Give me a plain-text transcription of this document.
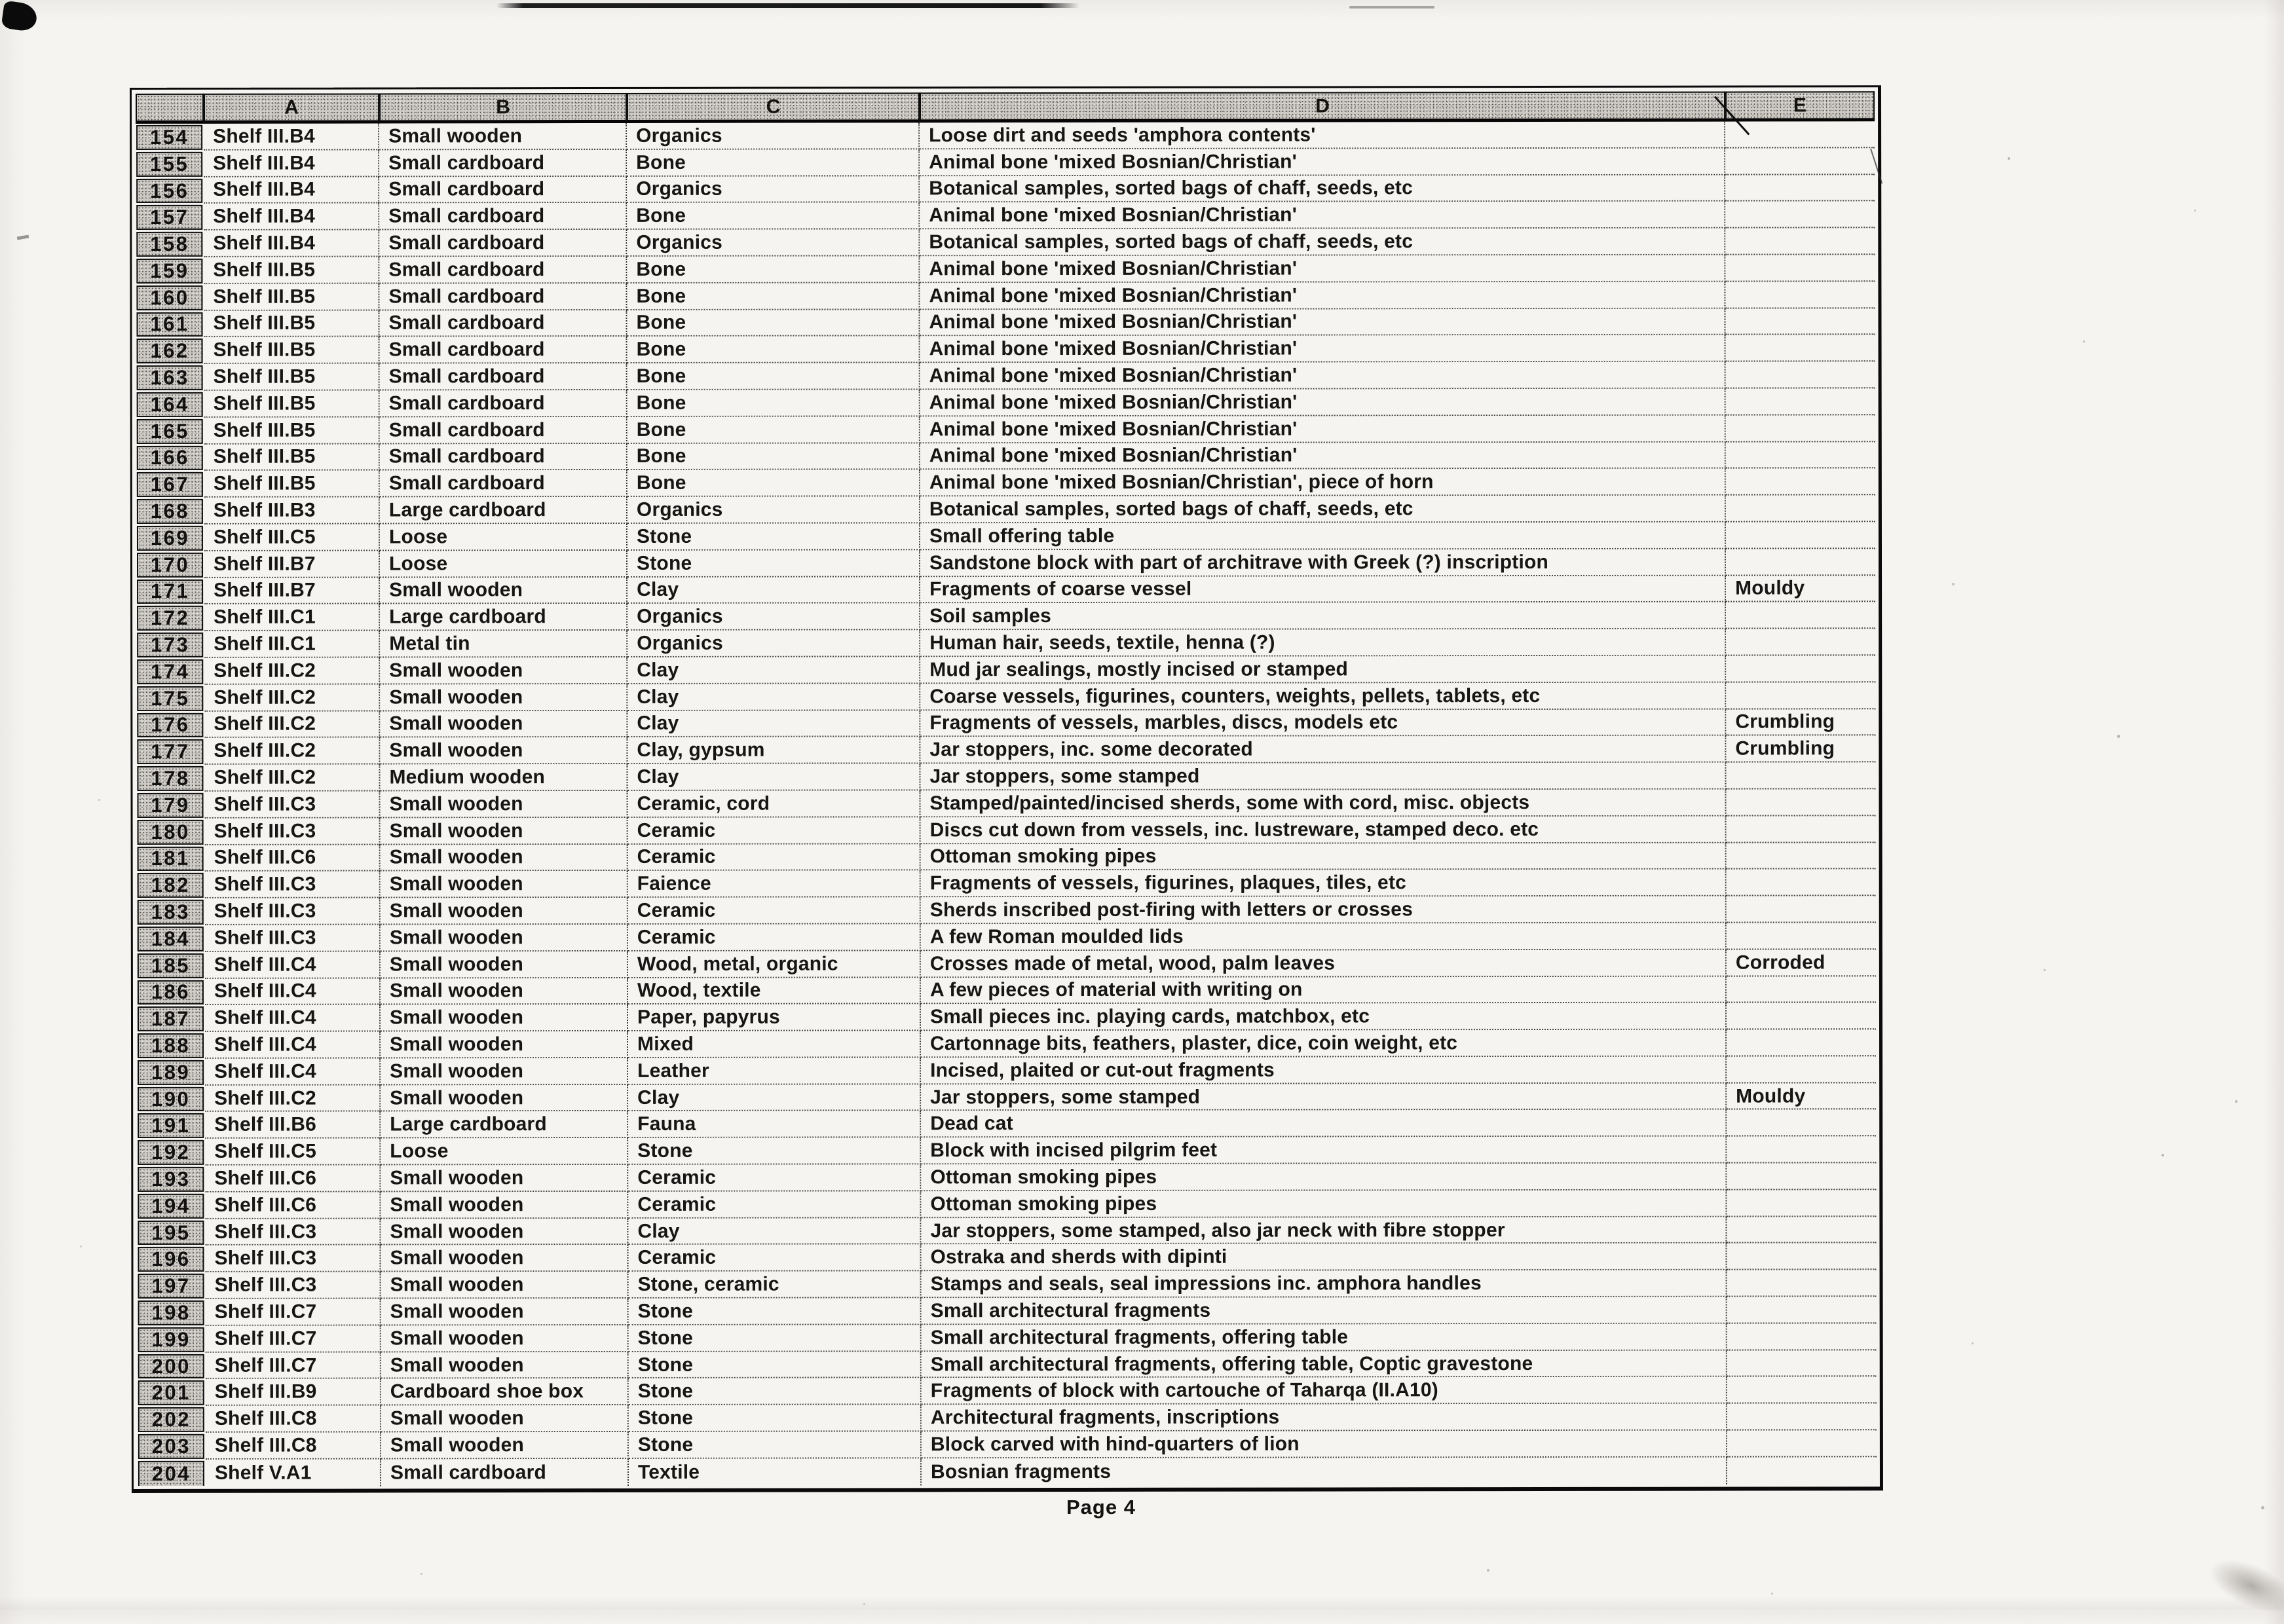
A	B	C	D	E
154	Shelf III.B4	Small wooden	Organics	Loose dirt and seeds 'amphora contents'
155	Shelf III.B4	Small cardboard	Bone	Animal bone 'mixed Bosnian/Christian'
156	Shelf III.B4	Small cardboard	Organics	Botanical samples, sorted bags of chaff, seeds, etc
157	Shelf III.B4	Small cardboard	Bone	Animal bone 'mixed Bosnian/Christian'
158	Shelf III.B4	Small cardboard	Organics	Botanical samples, sorted bags of chaff, seeds, etc
159	Shelf III.B5	Small cardboard	Bone	Animal bone 'mixed Bosnian/Christian'
160	Shelf III.B5	Small cardboard	Bone	Animal bone 'mixed Bosnian/Christian'
161	Shelf III.B5	Small cardboard	Bone	Animal bone 'mixed Bosnian/Christian'
162	Shelf III.B5	Small cardboard	Bone	Animal bone 'mixed Bosnian/Christian'
163	Shelf III.B5	Small cardboard	Bone	Animal bone 'mixed Bosnian/Christian'
164	Shelf III.B5	Small cardboard	Bone	Animal bone 'mixed Bosnian/Christian'
165	Shelf III.B5	Small cardboard	Bone	Animal bone 'mixed Bosnian/Christian'
166	Shelf III.B5	Small cardboard	Bone	Animal bone 'mixed Bosnian/Christian'
167	Shelf III.B5	Small cardboard	Bone	Animal bone 'mixed Bosnian/Christian', piece of horn
168	Shelf III.B3	Large cardboard	Organics	Botanical samples, sorted bags of chaff, seeds, etc
169	Shelf III.C5	Loose	Stone	Small offering table
170	Shelf III.B7	Loose	Stone	Sandstone block with part of architrave with Greek (?) inscription
171	Shelf III.B7	Small wooden	Clay	Fragments of coarse vessel	Mouldy
172	Shelf III.C1	Large cardboard	Organics	Soil samples
173	Shelf III.C1	Metal tin	Organics	Human hair, seeds, textile, henna (?)
174	Shelf III.C2	Small wooden	Clay	Mud jar sealings, mostly incised or stamped
175	Shelf III.C2	Small wooden	Clay	Coarse vessels, figurines, counters, weights, pellets, tablets, etc
176	Shelf III.C2	Small wooden	Clay	Fragments of vessels, marbles, discs, models etc	Crumbling
177	Shelf III.C2	Small wooden	Clay, gypsum	Jar stoppers, inc. some decorated	Crumbling
178	Shelf III.C2	Medium wooden	Clay	Jar stoppers, some stamped
179	Shelf III.C3	Small wooden	Ceramic, cord	Stamped/painted/incised sherds, some with cord, misc. objects
180	Shelf III.C3	Small wooden	Ceramic	Discs cut down from vessels, inc. lustreware, stamped deco. etc
181	Shelf III.C6	Small wooden	Ceramic	Ottoman smoking pipes
182	Shelf III.C3	Small wooden	Faience	Fragments of vessels, figurines, plaques, tiles, etc
183	Shelf III.C3	Small wooden	Ceramic	Sherds inscribed post-firing with letters or crosses
184	Shelf III.C3	Small wooden	Ceramic	A few Roman moulded lids
185	Shelf III.C4	Small wooden	Wood, metal, organic	Crosses made of metal, wood, palm leaves	Corroded
186	Shelf III.C4	Small wooden	Wood, textile	A few pieces of material with writing on
187	Shelf III.C4	Small wooden	Paper, papyrus	Small pieces inc. playing cards, matchbox, etc
188	Shelf III.C4	Small wooden	Mixed	Cartonnage bits, feathers, plaster, dice, coin weight, etc
189	Shelf III.C4	Small wooden	Leather	Incised, plaited or cut-out fragments
190	Shelf III.C2	Small wooden	Clay	Jar stoppers, some stamped	Mouldy
191	Shelf III.B6	Large cardboard	Fauna	Dead cat
192	Shelf III.C5	Loose	Stone	Block with incised pilgrim feet
193	Shelf III.C6	Small wooden	Ceramic	Ottoman smoking pipes
194	Shelf III.C6	Small wooden	Ceramic	Ottoman smoking pipes
195	Shelf III.C3	Small wooden	Clay	Jar stoppers, some stamped, also jar neck with fibre stopper
196	Shelf III.C3	Small wooden	Ceramic	Ostraka and sherds with dipinti
197	Shelf III.C3	Small wooden	Stone, ceramic	Stamps and seals, seal impressions inc. amphora handles
198	Shelf III.C7	Small wooden	Stone	Small architectural fragments
199	Shelf III.C7	Small wooden	Stone	Small architectural fragments, offering table
200	Shelf III.C7	Small wooden	Stone	Small architectural fragments, offering table, Coptic gravestone
201	Shelf III.B9	Cardboard shoe box	Stone	Fragments of block with cartouche of Taharqa (II.A10)
202	Shelf III.C8	Small wooden	Stone	Architectural fragments, inscriptions
203	Shelf III.C8	Small wooden	Stone	Block carved with hind-quarters of lion
204	Shelf V.A1	Small cardboard	Textile	Bosnian fragments
Page 4
